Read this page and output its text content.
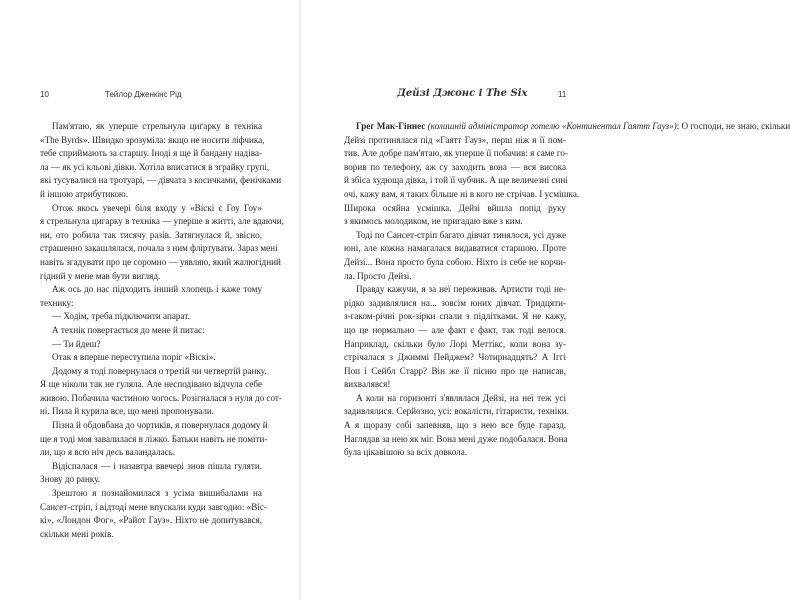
10	Тейлор Дженкінс Рід
Пам'ятаю, як уперше стрельнула цигарку в техніка
«The Byrds». Швидко зрозуміла: якщо не носити ліфчика,
тебе сприймають за старшу. Іноді я ще й бандану надіва-
ла — як усі кльові дівки. Хотіла вписатися в зграйку групі,
які тусувалися на тротуарі, — дівчата з косичками, фенічками
й іншою атрибутикою.
Отож якось увечері біля входу у «Віскі є Гоу Гоу»
я стрельнула цигарку в техніка — уперше в житті, але вдаючи,
ни, ото робила так тисячу разів. Затягнулася й, звісно,
страшенно закашлялася, почала з ним фліртувати. Зараз мені
навіть згадувати про це соромно — уявляю, який жалюгідний
гідний у мене мав бути вигляд.
Аж ось до нас підходить інший хлопець і каже тому
технику:
— Ходім, треба підключити апарат.
А технік повертається до мене й питає:
— Ти йдеш?
Отак я вперше переступила поріг «Віскі».
Додому я тоді повернулася о третій чи четвертій ранку.
Я ще ніколи так не гуляла. Але несподівано відчула себе
живою. Побачила частиною чогось. Розігналася з нуля до сот-
ні. Пила й курила все, що мені пропонували.
Пізна й обдовбана до чортиків, я повернулася додому й
ще я тоді моя завалилася в ліжко. Батьки навіть не поміти-
ли, що я всю ніч десь валандалась.
Відіспалася — і назавтра ввечері знов пішла гуляти.
Знову до ранку.
Зрештою я познайомилася з усіма вишибалами на
Сансет-стріп, і відтоді мене впускали куди завгодно: «Віс-
кі», «Лондон Фог», «Райот Гауз». Ніхто не допитувався,
скільки мені років.
Дейзі Джонс і The Six	11
Грег Мак-Гіннес (колишній адміністратор готелю «Континентал Гаятт Гауз»): О господи, не знаю, скільки
Дейзі протинялася під «Гаятт Гауз», перш ніж я її пом-
тив. Але добре пам'ятаю, як уперше її побачив: я саме го-
ворив по телефону, аж су заходить вона — вся висока
й збіса худюща дівка, і той її чубчик. А ще величезні сині
очі, кажу вам, я таких більше ні в кого не стрічав. І усмішка.
Широка осяйна усмішка. Дейзі вйшла попід руку
з якимось молодиком, не пригадаю вже з ким.
Тоді по Сансет-стріп багато дівчат тинялося, усі дуже
юні, але кожна намагалася видаватися старшою. Проте
Дейзі... Вона просто була собою. Ніхто із себе не корчи-
ла. Просто Дейзі.
Правду кажучи, я за неї переживав. Артисти тоді не-
рідко задивлялися на... зовсім юних дівчат. Тридцяти-
з-гаком-річні рок-зірки спали з підлітками. Я не кажу,
що це нормально — але факт є факт, так тоді велося.
Наприклад, скільки було Лорі Меттікс, коли вона зу-
стрічалася з Джиммі Пейджем? Чотирнадцять? А Іггі
Поп і Сейбл Старр? Він же її пісню про це написав,
вихвалявся!
А коли на горизонті з'являлася Дейзі, на неї теж усі
задивлялися. Серйозно, усі: вокалісти, гітаристи, техніки.
А я щоразу собі запевняв, що з нею все буде гаразд.
Наглядав за нею як міг. Вона мені дуже подобалася. Вона
була цікавішою за всіх довкола.
